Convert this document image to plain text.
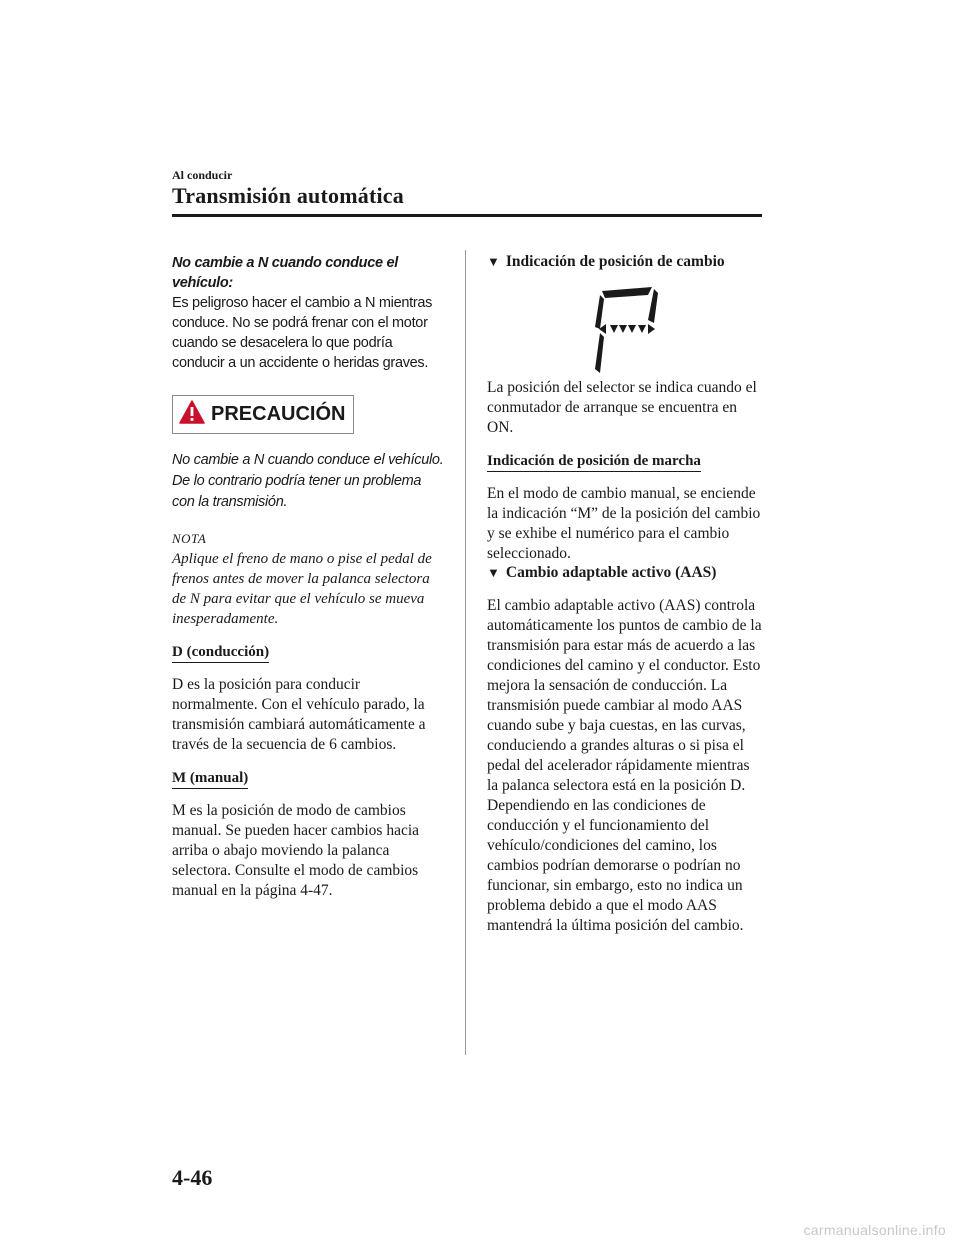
Al conducir
Transmisión automática

No cambie a N cuando conduce el vehículo:

Es peligroso hacer el cambio a N mientras conduce. No se podrá frenar con el motor cuando se desacelera lo que podría conducir a un accidente o heridas graves.

PRECAUCIÓN

No cambie a N cuando conduce el vehículo. De lo contrario podría tener un problema con la transmisión.

NOTA

Aplique el freno de mano o pise el pedal de frenos antes de mover la palanca selectora de N para evitar que el vehículo se mueva inesperadamente.

D (conducción)

D es la posición para conducir normalmente. Con el vehículo parado, la transmisión cambiará automáticamente a través de la secuencia de 6 cambios.

M (manual)

M es la posición de modo de cambios manual. Se pueden hacer cambios hacia arriba o abajo moviendo la palanca selectora. Consulte el modo de cambios manual en la página 4-47.

▼ Indicación de posición de cambio

La posición del selector se indica cuando el conmutador de arranque se encuentra en ON.

Indicación de posición de marcha

En el modo de cambio manual, se enciende la indicación “M” de la posición del cambio y se exhibe el numérico para el cambio seleccionado.

▼ Cambio adaptable activo (AAS)

El cambio adaptable activo (AAS) controla automáticamente los puntos de cambio de la transmisión para estar más de acuerdo a las condiciones del camino y el conductor. Esto mejora la sensación de conducción. La transmisión puede cambiar al modo AAS cuando sube y baja cuestas, en las curvas, conduciendo a grandes alturas o si pisa el pedal del acelerador rápidamente mientras la palanca selectora está en la posición D. Dependiendo en las condiciones de conducción y el funcionamiento del vehículo/condiciones del camino, los cambios podrían demorarse o podrían no funcionar, sin embargo, esto no indica un problema debido a que el modo AAS mantendrá la última posición del cambio.

4-46
carmanualsonline.info
